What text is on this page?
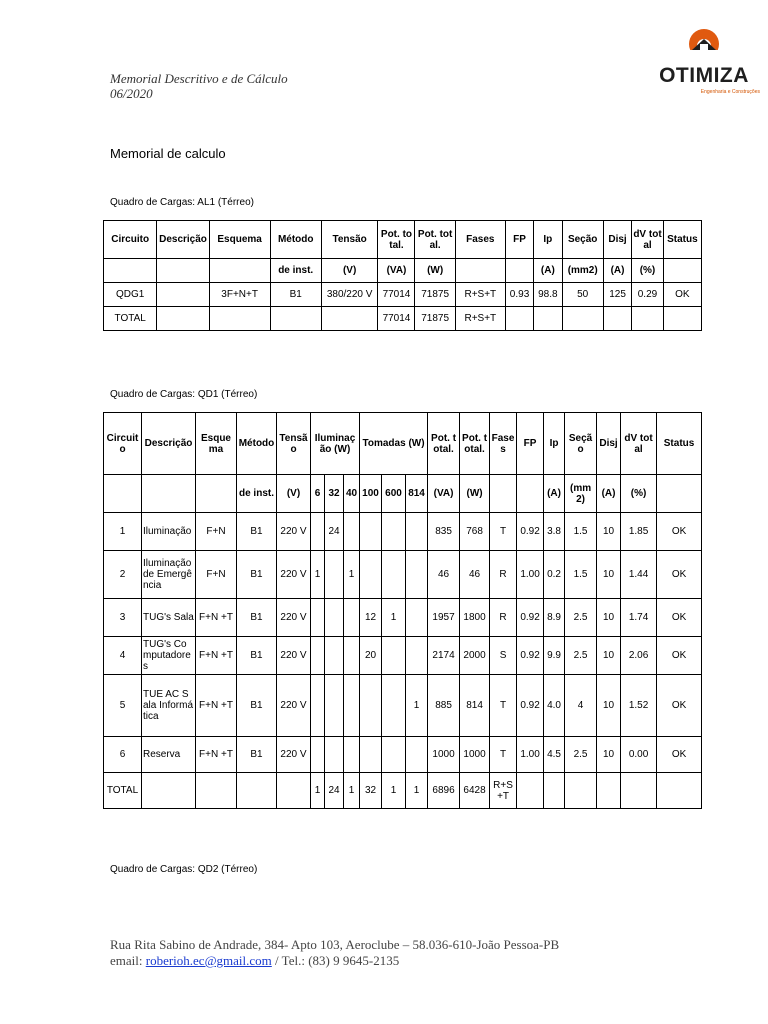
Memorial Descritivo e de Cálculo
06/2020
OTIMIZA
Engenharia e Construções
Memorial de calculo
Quadro de Cargas: AL1 (Térreo)
Circuito	Descrição	Esquema	Método	Tensão	Pot. total.	Pot. total.	Fases	FP	Ip	Seção	Disj	dV total	Status
			de inst.	(V)	(VA)	(W)			(A)	(mm2)	(A)	(%)	
QDG1		3F+N+T	B1	380/220 V	77014	71875	R+S+T	0.93	98.8	50	125	0.29	OK
TOTAL					77014	71875	R+S+T						
Quadro de Cargas: QD1 (Térreo)
Circuito	Descrição	Esquema	Método	Tensão	Iluminação (W)			Tomadas (W)			Pot. total.	Pot. total.	Fases	FP	Ip	Seção	Disj	dV total	Status
			de inst.	(V)	6	32	40	100	600	814	(VA)	(W)			(A)	(mm2)	(A)	(%)	
1	Iluminação	F+N	B1	220 V		24					835	768	T	0.92	3.8	1.5	10	1.85	OK
2	Iluminação de Emergência	F+N	B1	220 V	1		1				46	46	R	1.00	0.2	1.5	10	1.44	OK
3	TUG's Sala	F+N +T	B1	220 V				12	1		1957	1800	R	0.92	8.9	2.5	10	1.74	OK
4	TUG's Computadores	F+N +T	B1	220 V				20			2174	2000	S	0.92	9.9	2.5	10	2.06	OK
5	TUE AC Sala Informática	F+N +T	B1	220 V						1	885	814	T	0.92	4.0	4	10	1.52	OK
6	Reserva	F+N +T	B1	220 V							1000	1000	T	1.00	4.5	2.5	10	0.00	OK
TOTAL					1	24	1	32	1	1	6896	6428	R+S+T						
Quadro de Cargas: QD2 (Térreo)
Rua Rita Sabino de Andrade, 384- Apto 103, Aeroclube – 58.036-610-João Pessoa-PB
email: roberioh.ec@gmail.com / Tel.: (83) 9 9645-2135
